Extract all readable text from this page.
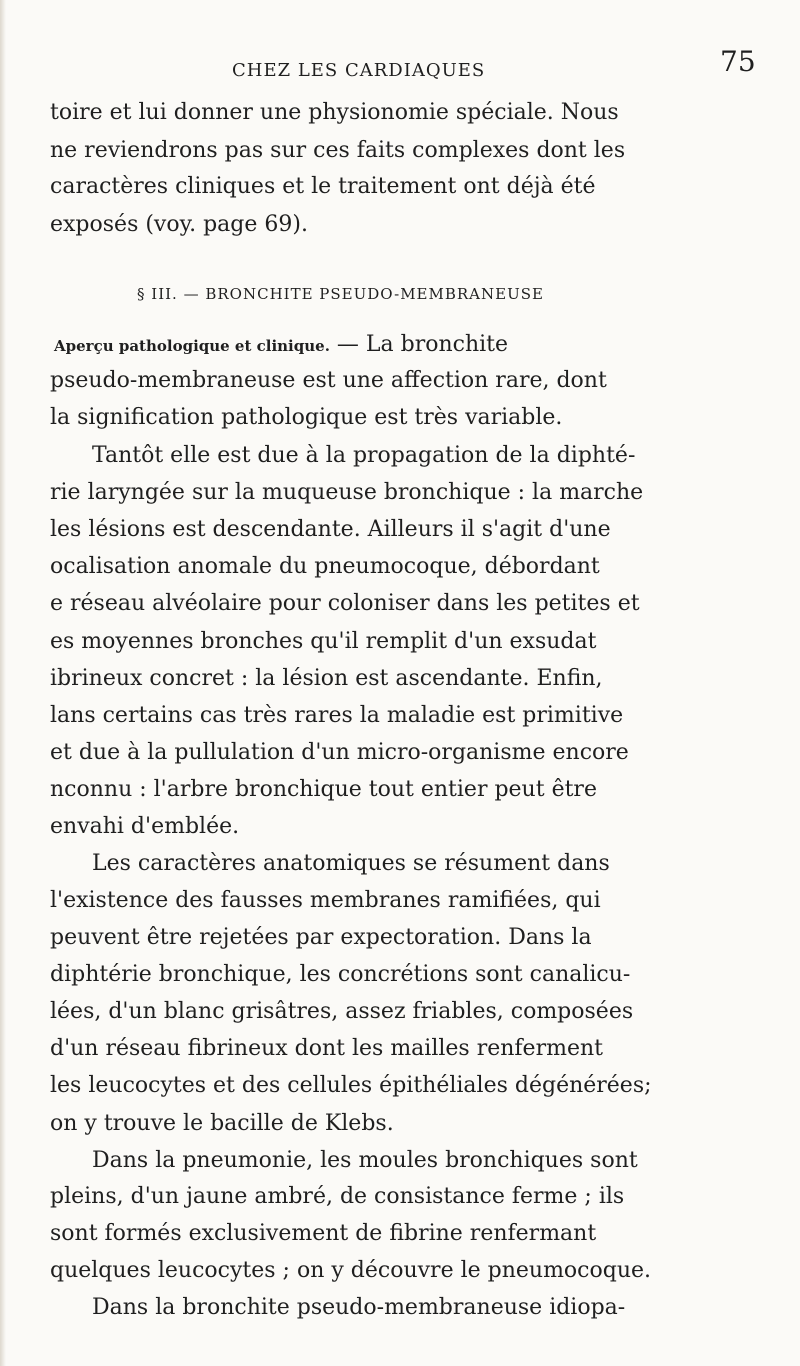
CHEZ LES CARDIAQUES	75
toire et lui donner une physionomie spéciale. Nous
ne reviendrons pas sur ces faits complexes dont les
caractères cliniques et le traitement ont déjà été
exposés (voy. page 69).
§ III. — BRONCHITE PSEUDO-MEMBRANEUSE
Aperçu pathologique et clinique. — La bronchite
pseudo-membraneuse est une affection rare, dont
la signification pathologique est très variable.
Tantôt elle est due à la propagation de la diphté-
rie laryngée sur la muqueuse bronchique : la marche
les lésions est descendante. Ailleurs il s'agit d'une
ocalisation anomale du pneumocoque, débordant
e réseau alvéolaire pour coloniser dans les petites et
es moyennes bronches qu'il remplit d'un exsudat
ibrineux concret : la lésion est ascendante. Enfin,
lans certains cas très rares la maladie est primitive
et due à la pullulation d'un micro-organisme encore
nconnu : l'arbre bronchique tout entier peut être
envahi d'emblée.
Les caractères anatomiques se résument dans
l'existence des fausses membranes ramifiées, qui
peuvent être rejetées par expectoration. Dans la
diphtérie bronchique, les concrétions sont canalicu-
lées, d'un blanc grisâtres, assez friables, composées
d'un réseau fibrineux dont les mailles renferment
les leucocytes et des cellules épithéliales dégénérées;
on y trouve le bacille de Klebs.
Dans la pneumonie, les moules bronchiques sont
pleins, d'un jaune ambré, de consistance ferme ; ils
sont formés exclusivement de fibrine renfermant
quelques leucocytes ; on y découvre le pneumocoque.
Dans la bronchite pseudo-membraneuse idiopa-
